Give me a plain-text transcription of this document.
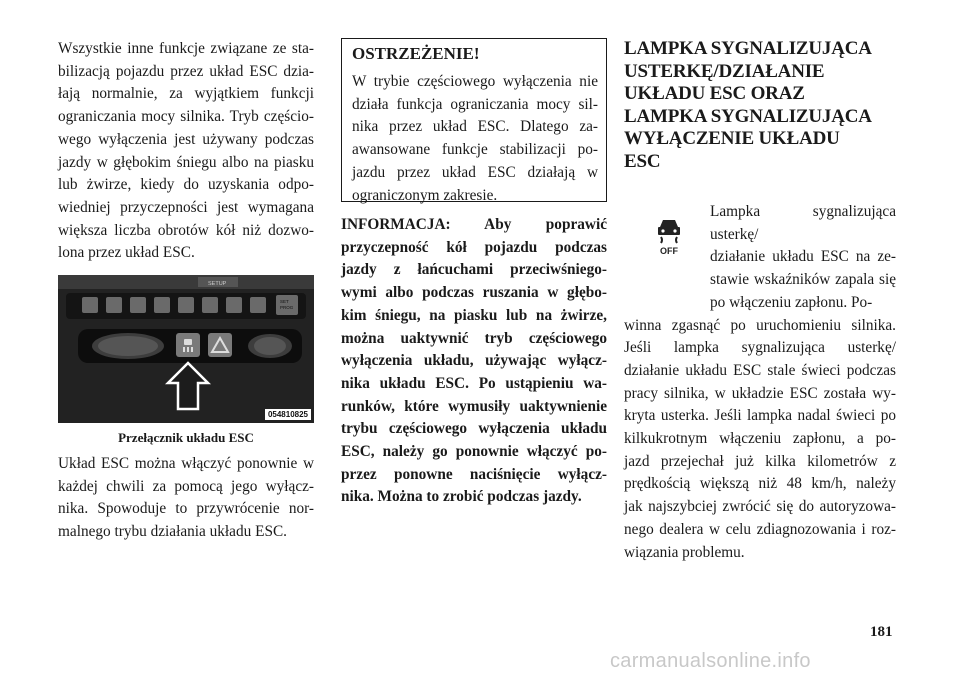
Wszystkie inne funkcje związane ze sta-
bilizacją pojazdu przez układ ESC dzia-
łają normalnie, za wyjątkiem funkcji
ograniczania mocy silnika. Tryb częścio-
wego wyłączenia jest używany podczas
jazdy w głębokim śniegu albo na piasku
lub żwirze, kiedy do uzyskania odpo-
wiedniej przyczepności jest wymagana
większa liczba obrotów kół niż dozwo-
lona przez układ ESC.
SETUP
SET
PROG
054810825
Przełącznik układu ESC
Układ ESC można włączyć ponownie w
każdej chwili za pomocą jego wyłącz-
nika. Spowoduje to przywrócenie nor-
malnego trybu działania układu ESC.
OSTRZEŻENIE!
W trybie częściowego wyłączenia nie
działa funkcja ograniczania mocy sil-
nika przez układ ESC. Dlatego za-
awansowane funkcje stabilizacji po-
jazdu przez układ ESC działają w
ograniczonym zakresie.
INFORMACJA: Aby poprawić
przyczepność kół pojazdu podczas
jazdy z łańcuchami przeciwśniego-
wymi albo podczas ruszania w głębo-
kim śniegu, na piasku lub na żwirze,
można uaktywnić tryb częściowego
wyłączenia układu, używając wyłącz-
nika układu ESC. Po ustąpieniu wa-
runków, które wymusiły uaktywnienie
trybu częściowego wyłączenia układu
ESC, należy go ponownie włączyć po-
przez ponowne naciśnięcie wyłącz-
nika. Można to zrobić podczas jazdy.
LAMPKA SYGNALIZUJĄCA
USTERKĘ/DZIAŁANIE
UKŁADU ESC ORAZ
LAMPKA SYGNALIZUJĄCA
WYŁĄCZENIE UKŁADU
ESC
OFF
Lampka sygnalizująca usterkę/
działanie układu ESC na ze-
stawie wskaźników zapala się
po włączeniu zapłonu. Po-
winna zgasnąć po uruchomieniu silnika.
Jeśli lampka sygnalizująca usterkę/
działanie układu ESC stale świeci podczas
pracy silnika, w układzie ESC została wy-
kryta usterka. Jeśli lampka nadal świeci po
kilkukrotnym włączeniu zapłonu, a po-
jazd przejechał już kilka kilometrów z
prędkością większą niż 48 km/h, należy
jak najszybciej zwrócić się do autoryzowa-
nego dealera w celu zdiagnozowania i roz-
wiązania problemu.
181
carmanualsonline.info
